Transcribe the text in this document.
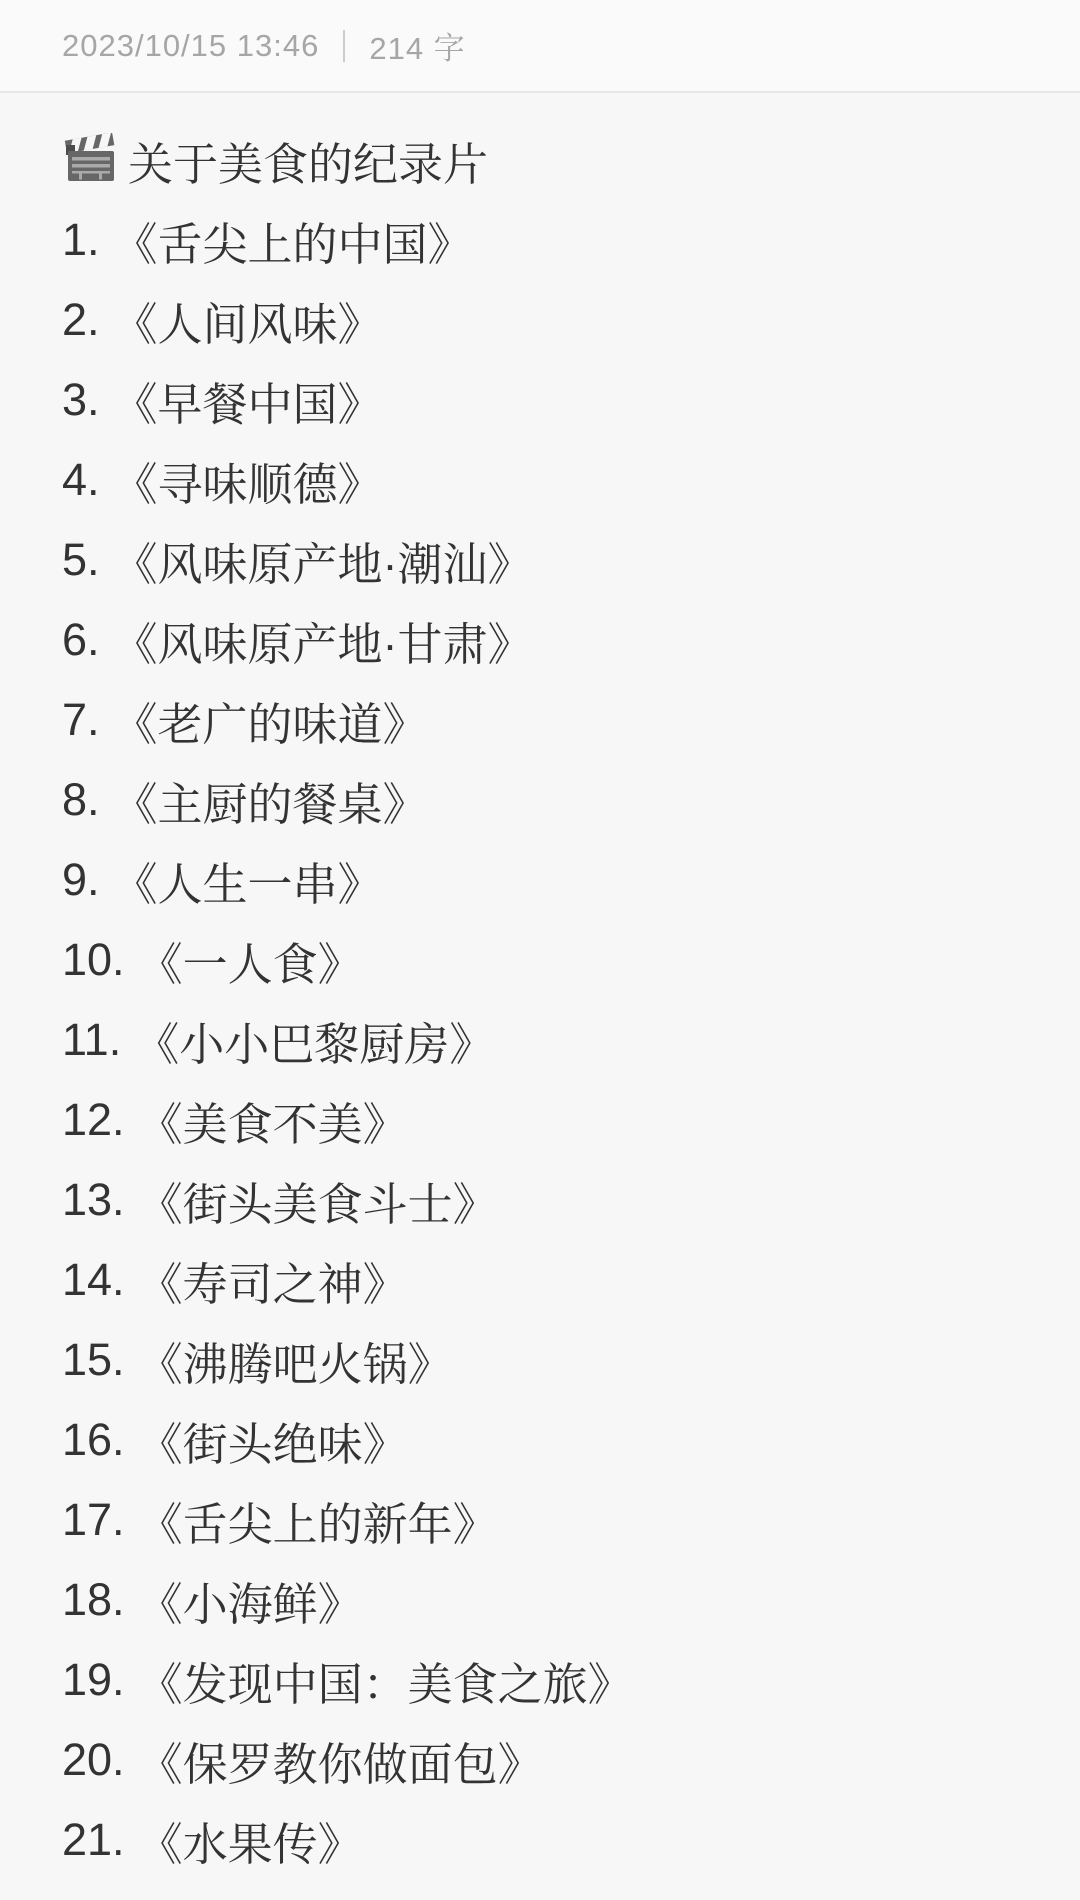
2023/10/15 13:46 214 字
关于美食的纪录片
1. 《舌尖上的中国》
2. 《人间风味》
3. 《早餐中国》
4. 《寻味顺德》
5. 《风味原产地·潮汕》
6. 《风味原产地·甘肃》
7. 《老广的味道》
8. 《主厨的餐桌》
9. 《人生一串》
10. 《一人食》
11. 《小小巴黎厨房》
12. 《美食不美》
13. 《街头美食斗士》
14. 《寿司之神》
15. 《沸腾吧火锅》
16. 《街头绝味》
17. 《舌尖上的新年》
18. 《小海鲜》
19. 《发现中国：美食之旅》
20. 《保罗教你做面包》
21. 《水果传》
